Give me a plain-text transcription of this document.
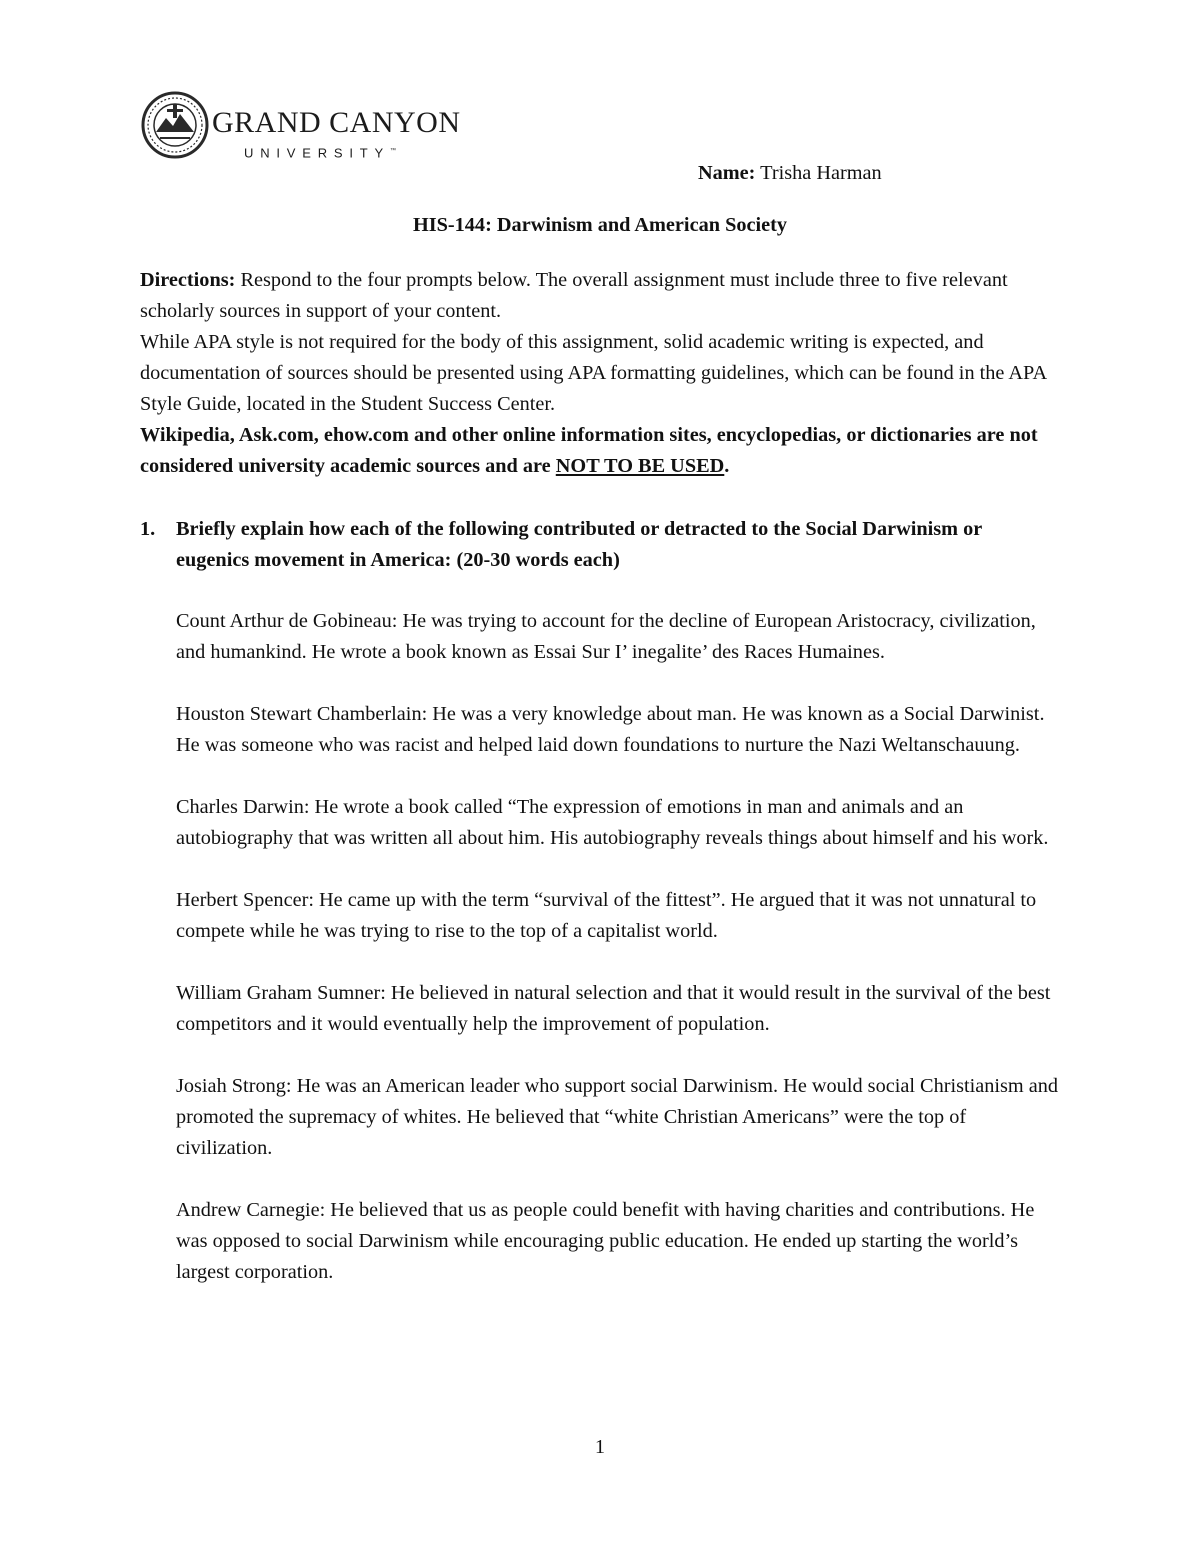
GRAND CANYON
UNIVERSITY™
Name: Trisha Harman
HIS-144: Darwinism and American Society

Directions: Respond to the four prompts below. The overall assignment must include three to five relevant scholarly sources in support of your content.

While APA style is not required for the body of this assignment, solid academic writing is expected, and documentation of sources should be presented using APA formatting guidelines, which can be found in the APA Style Guide, located in the Student Success Center.

Wikipedia, Ask.com, ehow.com and other online information sites, encyclopedias, or dictionaries are not considered university academic sources and are NOT TO BE USED.

1. Briefly explain how each of the following contributed or detracted to the Social Darwinism or eugenics movement in America: (20-30 words each)

Count Arthur de Gobineau: He was trying to account for the decline of European Aristocracy, civilization, and humankind. He wrote a book known as Essai Sur I’ inegalite’ des Races Humaines.

Houston Stewart Chamberlain: He was a very knowledge about man. He was known as a Social Darwinist. He was someone who was racist and helped laid down foundations to nurture the Nazi Weltanschauung.

Charles Darwin: He wrote a book called “The expression of emotions in man and animals and an autobiography that was written all about him. His autobiography reveals things about himself and his work.

Herbert Spencer: He came up with the term “survival of the fittest”. He argued that it was not unnatural to compete while he was trying to rise to the top of a capitalist world.

William Graham Sumner: He believed in natural selection and that it would result in the survival of the best competitors and it would eventually help the improvement of population.

Josiah Strong: He was an American leader who support social Darwinism. He would social Christianism and promoted the supremacy of whites. He believed that “white Christian Americans” were the top of civilization.

Andrew Carnegie: He believed that us as people could benefit with having charities and contributions. He was opposed to social Darwinism while encouraging public education. He ended up starting the world’s largest corporation.

1
